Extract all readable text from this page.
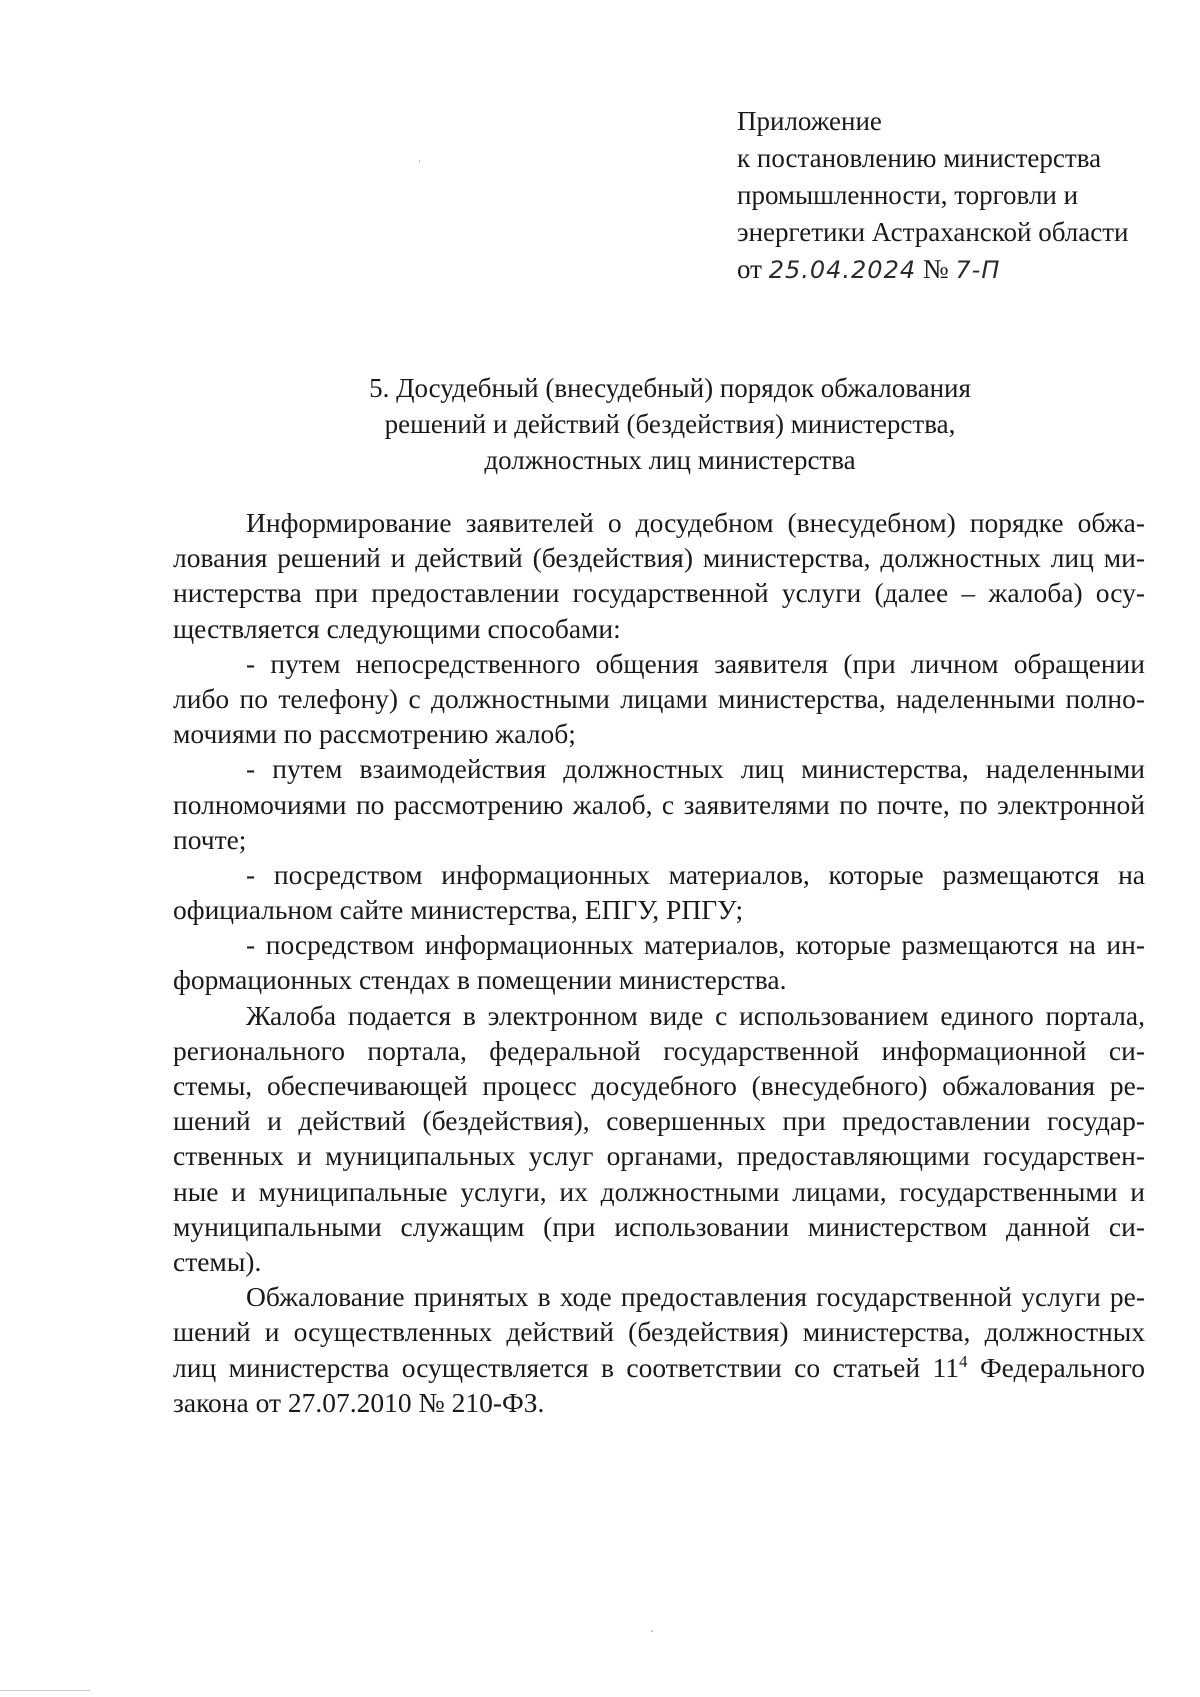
Приложение
к постановлению министерства
промышленности, торговли и
энергетики Астраханской области
от 25.04.2024 № 7-П
5. Досудебный (внесудебный) порядок обжалования
решений и действий (бездействия) министерства,
должностных лиц министерства
Информирование заявителей о досудебном (внесудебном) порядке обжа-
лования решений и действий (бездействия) министерства, должностных лиц ми-
нистерства при предоставлении государственной услуги (далее – жалоба) осу-
ществляется следующими способами:
- путем непосредственного общения заявителя (при личном обращении
либо по телефону) с должностными лицами министерства, наделенными полно-
мочиями по рассмотрению жалоб;
- путем взаимодействия должностных лиц министерства, наделенными
полномочиями по рассмотрению жалоб, с заявителями по почте, по электронной
почте;
- посредством информационных материалов, которые размещаются на
официальном сайте министерства, ЕПГУ, РПГУ;
- посредством информационных материалов, которые размещаются на ин-
формационных стендах в помещении министерства.
Жалоба подается в электронном виде с использованием единого портала,
регионального портала, федеральной государственной информационной си-
стемы, обеспечивающей процесс досудебного (внесудебного) обжалования ре-
шений и действий (бездействия), совершенных при предоставлении государ-
ственных и муниципальных услуг органами, предоставляющими государствен-
ные и муниципальные услуги, их должностными лицами, государственными и
муниципальными служащим (при использовании министерством данной си-
стемы).
Обжалование принятых в ходе предоставления государственной услуги ре-
шений и осуществленных действий (бездействия) министерства, должностных
лиц министерства осуществляется в соответствии со статьей $11^4$ Федерального
закона от 27.07.2010 № 210-ФЗ.
